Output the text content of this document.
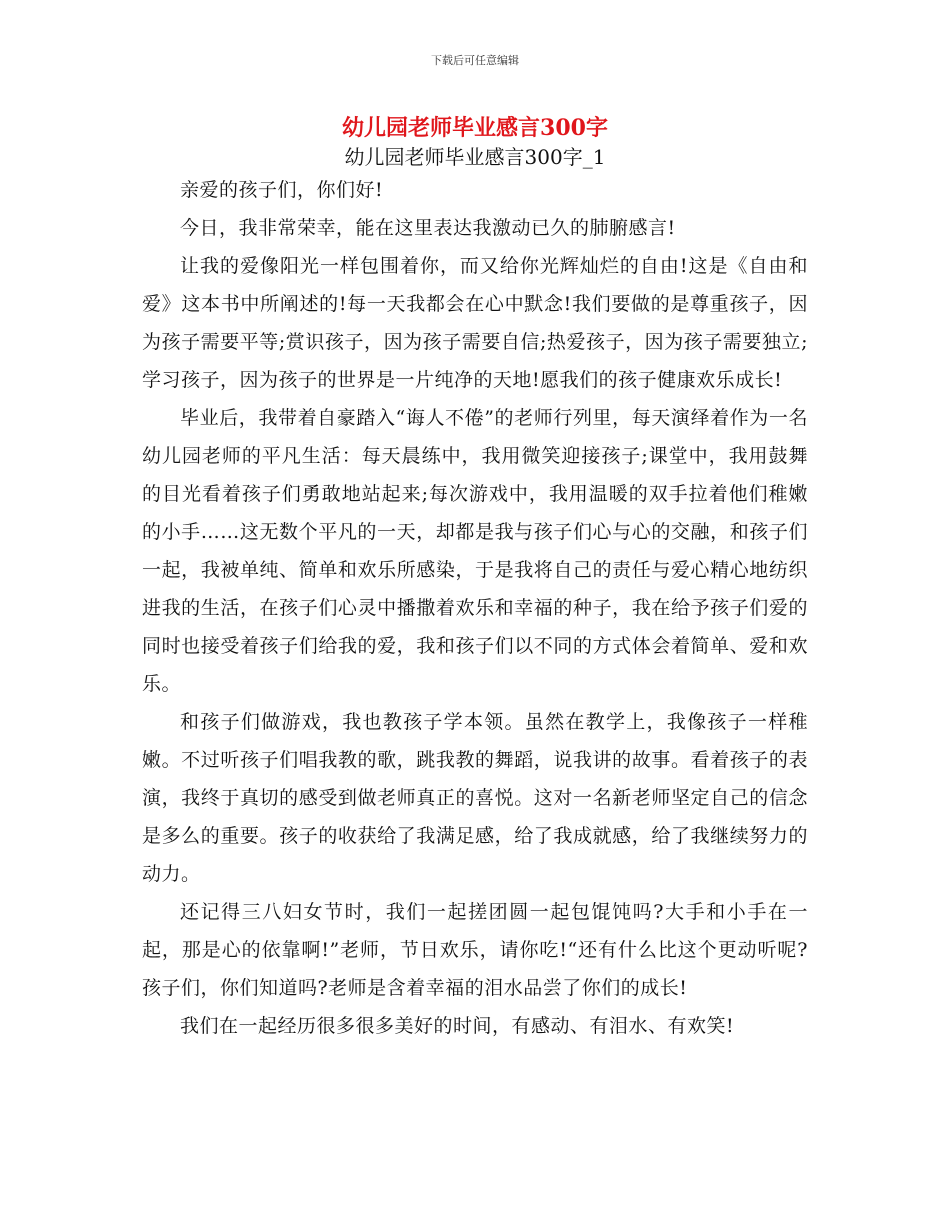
下载后可任意编辑
幼儿园老师毕业感言300字
幼儿园老师毕业感言300字_1

亲爱的孩子们，你们好!

今日，我非常荣幸，能在这里表达我激动已久的肺腑感言!

让我的爱像阳光一样包围着你，而又给你光辉灿烂的自由!这是《自由和爱》这本书中所阐述的!每一天我都会在心中默念!我们要做的是尊重孩子，因为孩子需要平等;赏识孩子，因为孩子需要自信;热爱孩子，因为孩子需要独立;学习孩子，因为孩子的世界是一片纯净的天地!愿我们的孩子健康欢乐成长!

毕业后，我带着自豪踏入“诲人不倦”的老师行列里，每天演绎着作为一名幼儿园老师的平凡生活：每天晨练中，我用微笑迎接孩子;课堂中，我用鼓舞的目光看着孩子们勇敢地站起来;每次游戏中，我用温暖的双手拉着他们稚嫩的小手……这无数个平凡的一天，却都是我与孩子们心与心的交融，和孩子们一起，我被单纯、简单和欢乐所感染，于是我将自己的责任与爱心精心地纺织进我的生活，在孩子们心灵中播撒着欢乐和幸福的种子，我在给予孩子们爱的同时也接受着孩子们给我的爱，我和孩子们以不同的方式体会着简单、爱和欢乐。

和孩子们做游戏，我也教孩子学本领。虽然在教学上，我像孩子一样稚嫩。不过听孩子们唱我教的歌，跳我教的舞蹈，说我讲的故事。看着孩子的表演，我终于真切的感受到做老师真正的喜悦。这对一名新老师坚定自己的信念是多么的重要。孩子的收获给了我满足感，给了我成就感，给了我继续努力的动力。

还记得三八妇女节时，我们一起搓团圆一起包馄饨吗?大手和小手在一起，那是心的依靠啊!”老师，节日欢乐，请你吃!“还有什么比这个更动听呢?孩子们，你们知道吗?老师是含着幸福的泪水品尝了你们的成长!

我们在一起经历很多很多美好的时间，有感动、有泪水、有欢笑!
